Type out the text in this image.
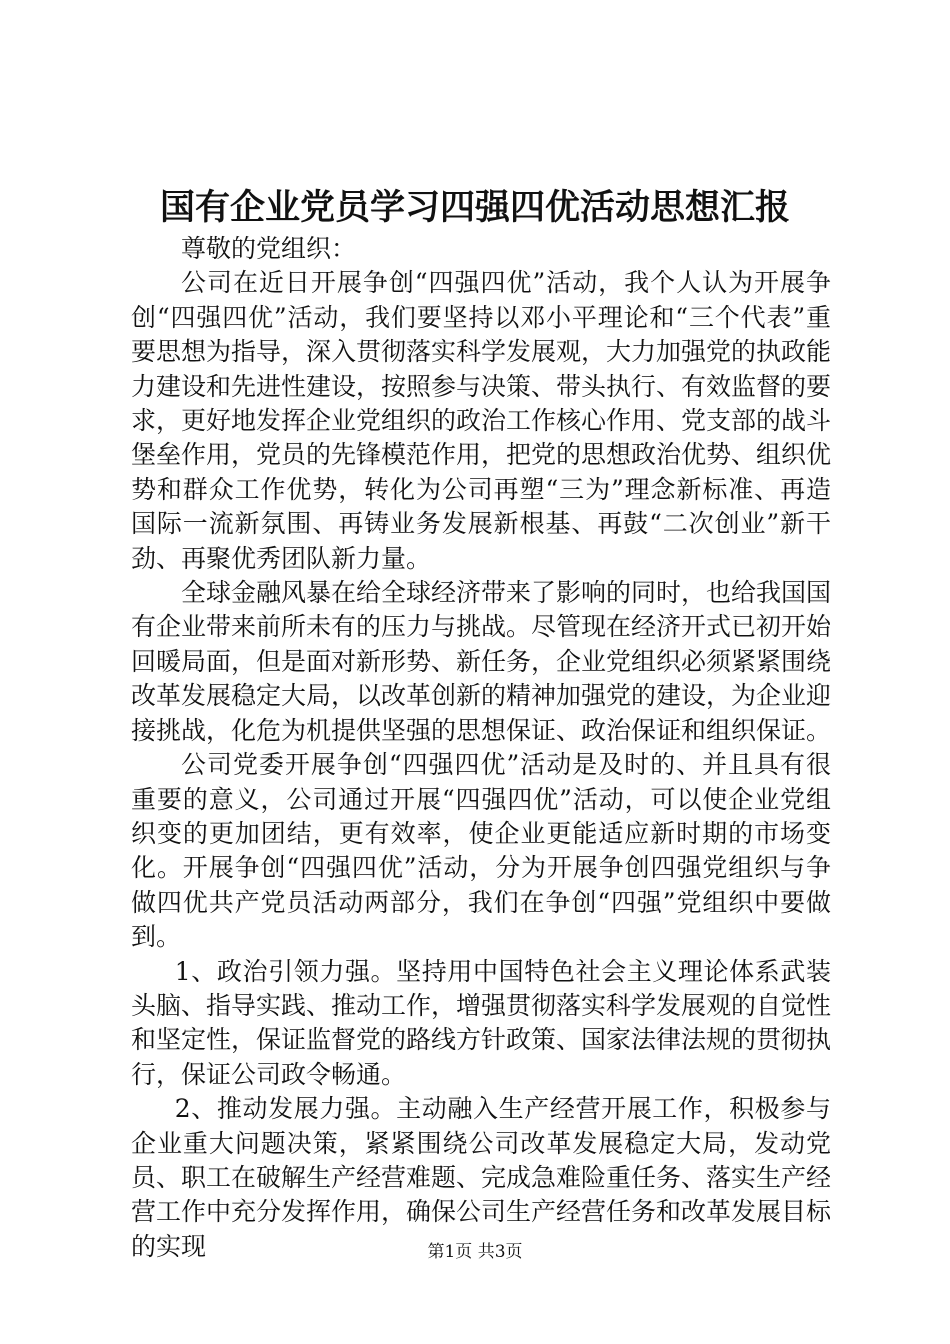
国有企业党员学习四强四优活动思想汇报

尊敬的党组织：

公司在近日开展争创“四强四优”活动，我个人认为开展争创“四强四优”活动，我们要坚持以邓小平理论和“三个代表”重要思想为指导，深入贯彻落实科学发展观，大力加强党的执政能力建设和先进性建设，按照参与决策、带头执行、有效监督的要求，更好地发挥企业党组织的政治工作核心作用、党支部的战斗堡垒作用，党员的先锋模范作用，把党的思想政治优势、组织优势和群众工作优势，转化为公司再塑“三为”理念新标准、再造国际一流新氛围、再铸业务发展新根基、再鼓“二次创业”新干劲、再聚优秀团队新力量。

全球金融风暴在给全球经济带来了影响的同时，也给我国国有企业带来前所未有的压力与挑战。尽管现在经济开式已初开始回暖局面，但是面对新形势、新任务，企业党组织必须紧紧围绕改革发展稳定大局，以改革创新的精神加强党的建设，为企业迎接挑战，化危为机提供坚强的思想保证、政治保证和组织保证。

公司党委开展争创“四强四优”活动是及时的、并且具有很重要的意义，公司通过开展“四强四优”活动，可以使企业党组织变的更加团结，更有效率，使企业更能适应新时期的市场变化。开展争创“四强四优”活动，分为开展争创四强党组织与争做四优共产党员活动两部分，我们在争创“四强”党组织中要做到。

1、政治引领力强。坚持用中国特色社会主义理论体系武装头脑、指导实践、推动工作，增强贯彻落实科学发展观的自觉性和坚定性，保证监督党的路线方针政策、国家法律法规的贯彻执行，保证公司政令畅通。

2、推动发展力强。主动融入生产经营开展工作，积极参与企业重大问题决策，紧紧围绕公司改革发展稳定大局，发动党员、职工在破解生产经营难题、完成急难险重任务、落实生产经营工作中充分发挥作用，确保公司生产经营任务和改革发展目标的实现	第1页 共3页
